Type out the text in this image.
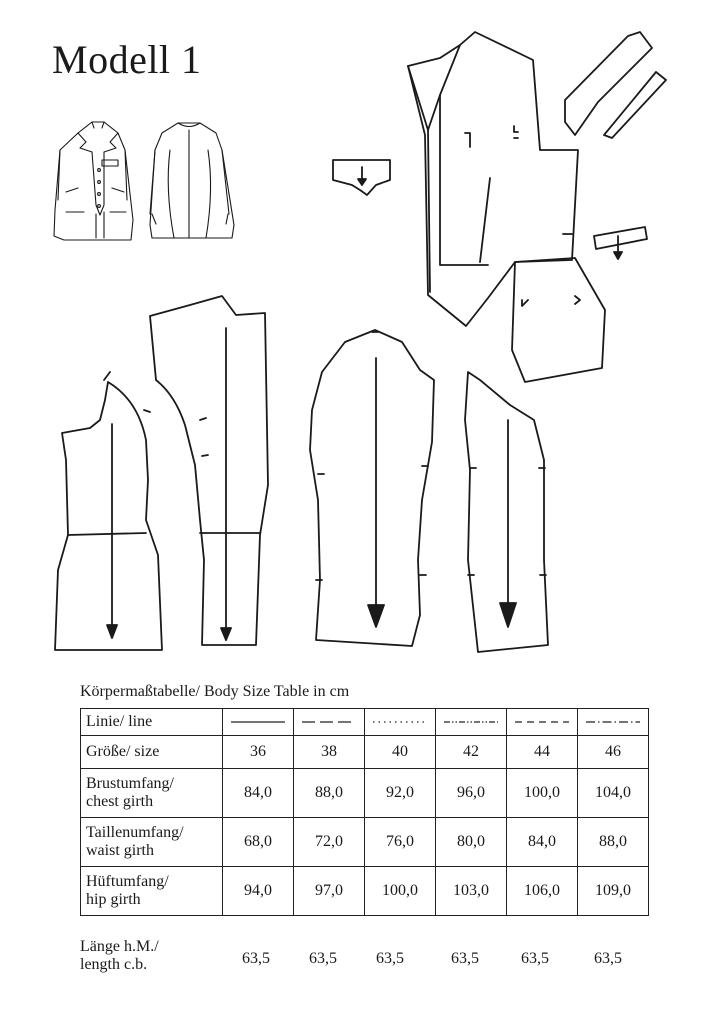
Modell 1
Körpermaßtabelle/ Body Size Table in cm
Linie/ line	

Größe/ size	36	38	40	42	44	46
Brustumfang/
chest girth	84,0	88,0	92,0	96,0	100,0	104,0
Taillenumfang/
waist girth	68,0	72,0	76,0	80,0	84,0	88,0
Hüftumfang/
hip girth	94,0	97,0	100,0	103,0	106,0	109,0
Länge h.M./
length c.b.	63,5	63,5	63,5	63,5	63,5	63,5
